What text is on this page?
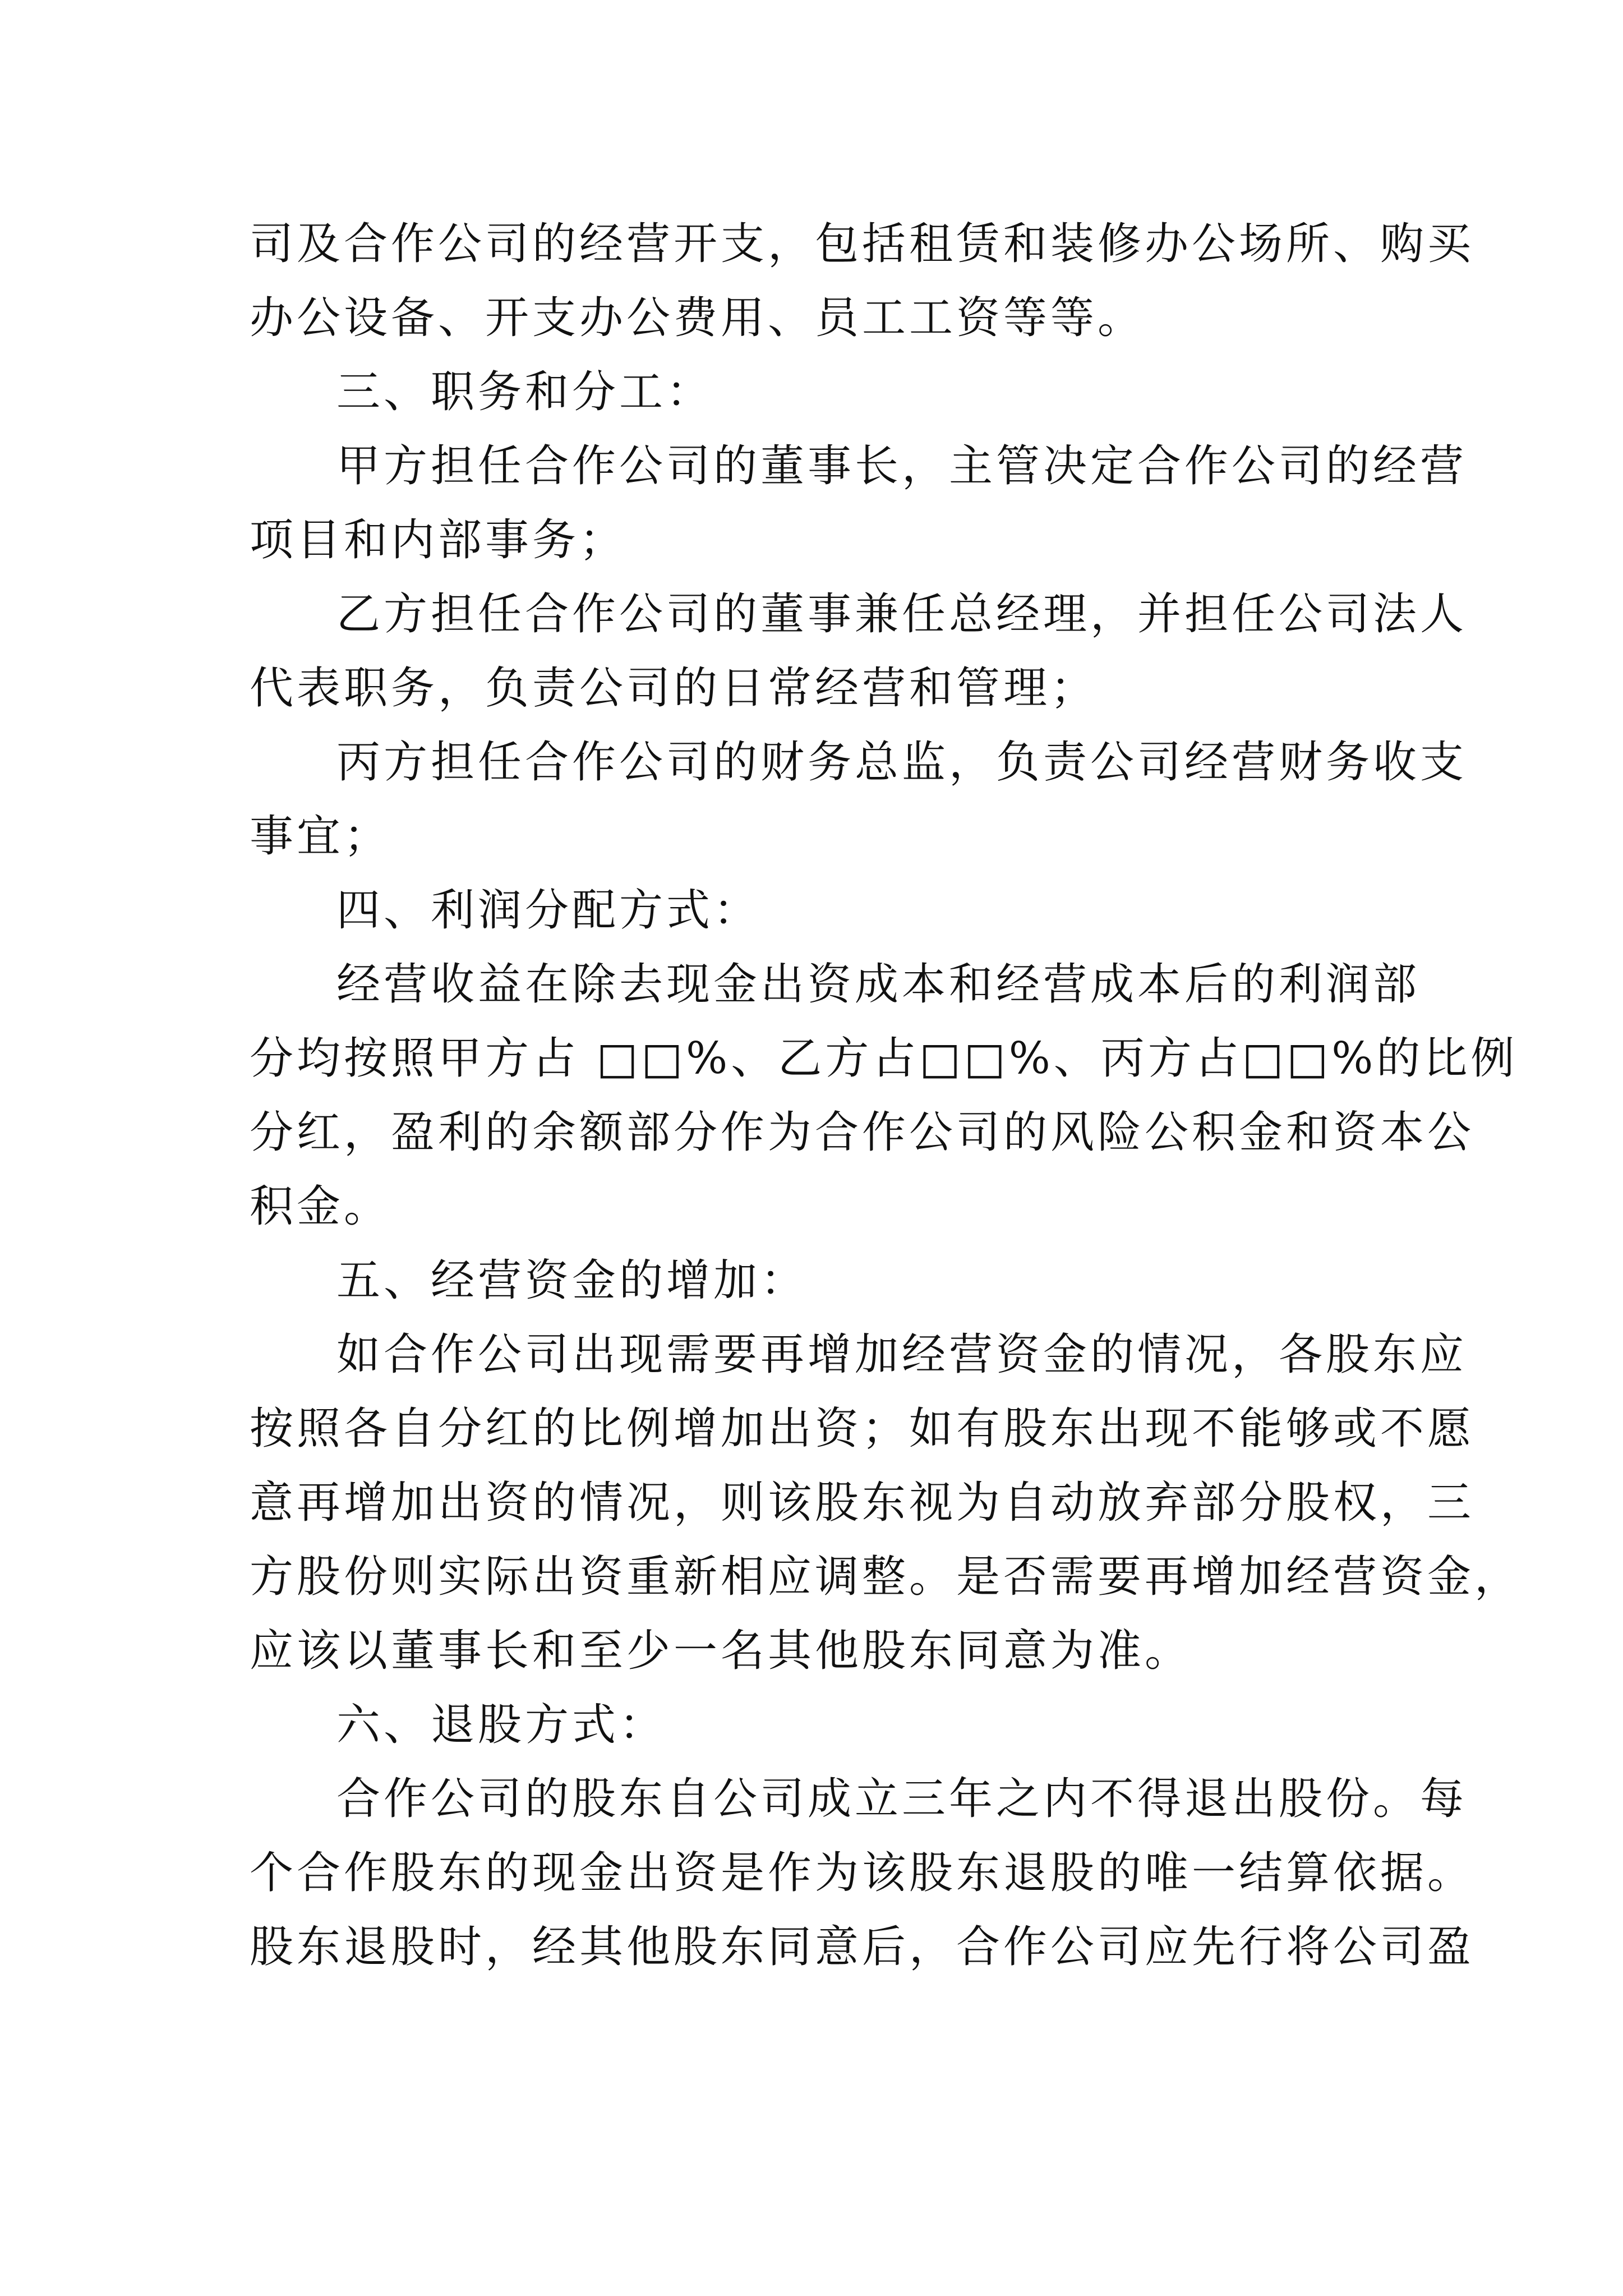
司及合作公司的经营开支，包括租赁和装修办公场所、购买
办公设备、开支办公费用、员工工资等等。
三、职务和分工：
甲方担任合作公司的董事长，主管决定合作公司的经营
项目和内部事务；
乙方担任合作公司的董事兼任总经理，并担任公司法人
代表职务，负责公司的日常经营和管理；
丙方担任合作公司的财务总监，负责公司经营财务收支
事宜；
四、利润分配方式：
经营收益在除去现金出资成本和经营成本后的利润部
分均按照甲方占 □□%、乙方占□□%、丙方占□□%的比例
分红，盈利的余额部分作为合作公司的风险公积金和资本公
积金。
五、经营资金的增加：
如合作公司出现需要再增加经营资金的情况，各股东应
按照各自分红的比例增加出资；如有股东出现不能够或不愿
意再增加出资的情况，则该股东视为自动放弃部分股权，三
方股份则实际出资重新相应调整。是否需要再增加经营资金，
应该以董事长和至少一名其他股东同意为准。
六、退股方式：
合作公司的股东自公司成立三年之内不得退出股份。每
个合作股东的现金出资是作为该股东退股的唯一结算依据。
股东退股时，经其他股东同意后，合作公司应先行将公司盈
